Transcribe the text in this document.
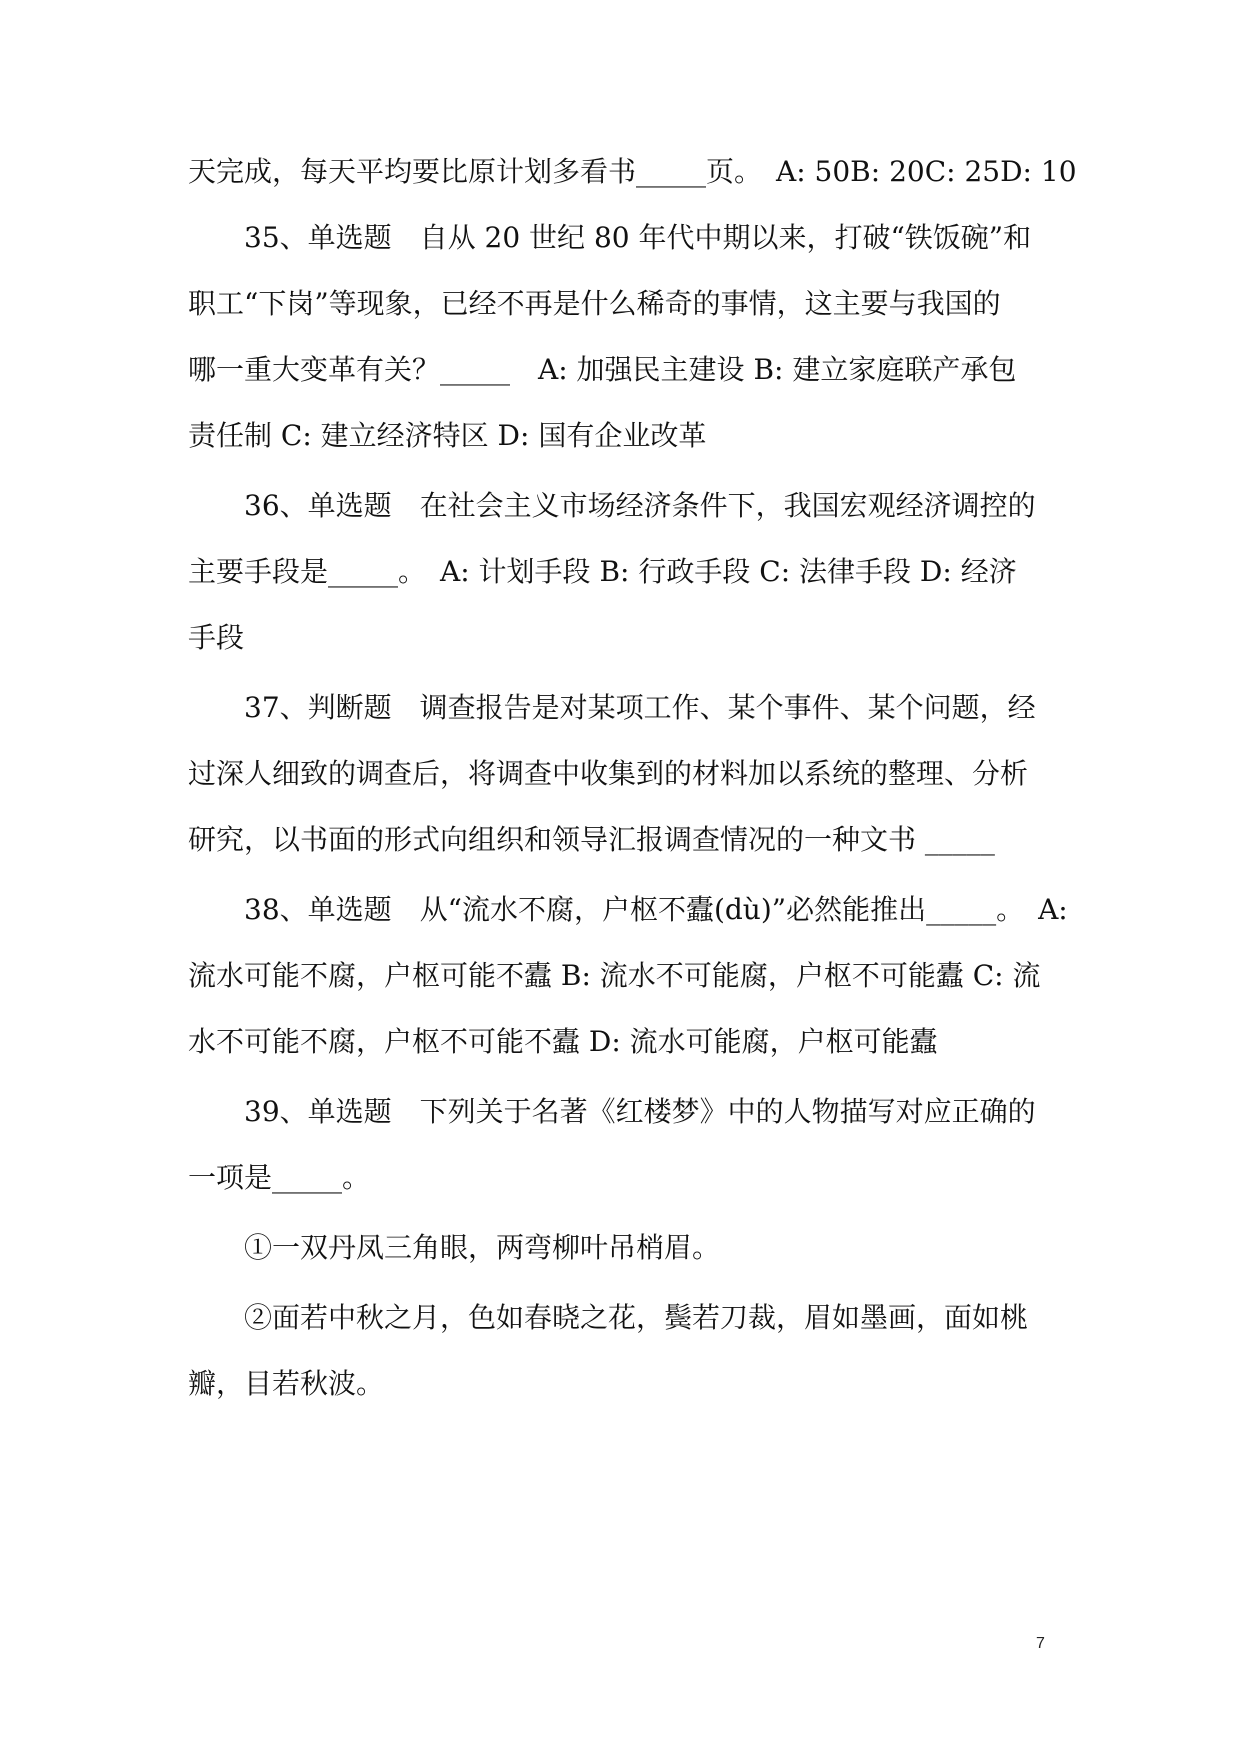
天完成，每天平均要比原计划多看书_____页。　A: 50B: 20C: 25D: 10
35、单选题　自从 20 世纪 80 年代中期以来，打破“铁饭碗”和
职工“下岗”等现象，已经不再是什么稀奇的事情，这主要与我国的
哪一重大变革有关？_____　A: 加强民主建设 B: 建立家庭联产承包
责任制 C: 建立经济特区 D: 国有企业改革
36、单选题　在社会主义市场经济条件下，我国宏观经济调控的
主要手段是_____。　A: 计划手段 B: 行政手段 C: 法律手段 D: 经济
手段
37、判断题　调查报告是对某项工作、某个事件、某个问题，经
过深人细致的调查后，将调查中收集到的材料加以系统的整理、分析
研究，以书面的形式向组织和领导汇报调查情况的一种文书 _____
38、单选题　从“流水不腐，户枢不蠹(dù)”必然能推出_____。　A:
流水可能不腐，户枢可能不蠹 B: 流水不可能腐，户枢不可能蠹 C: 流
水不可能不腐，户枢不可能不蠹 D: 流水可能腐，户枢可能蠹
39、单选题　下列关于名著《红楼梦》中的人物描写对应正确的
一项是_____。
①一双丹凤三角眼，两弯柳叶吊梢眉。
②面若中秋之月，色如春晓之花，鬓若刀裁，眉如墨画，面如桃
瓣，目若秋波。
7
